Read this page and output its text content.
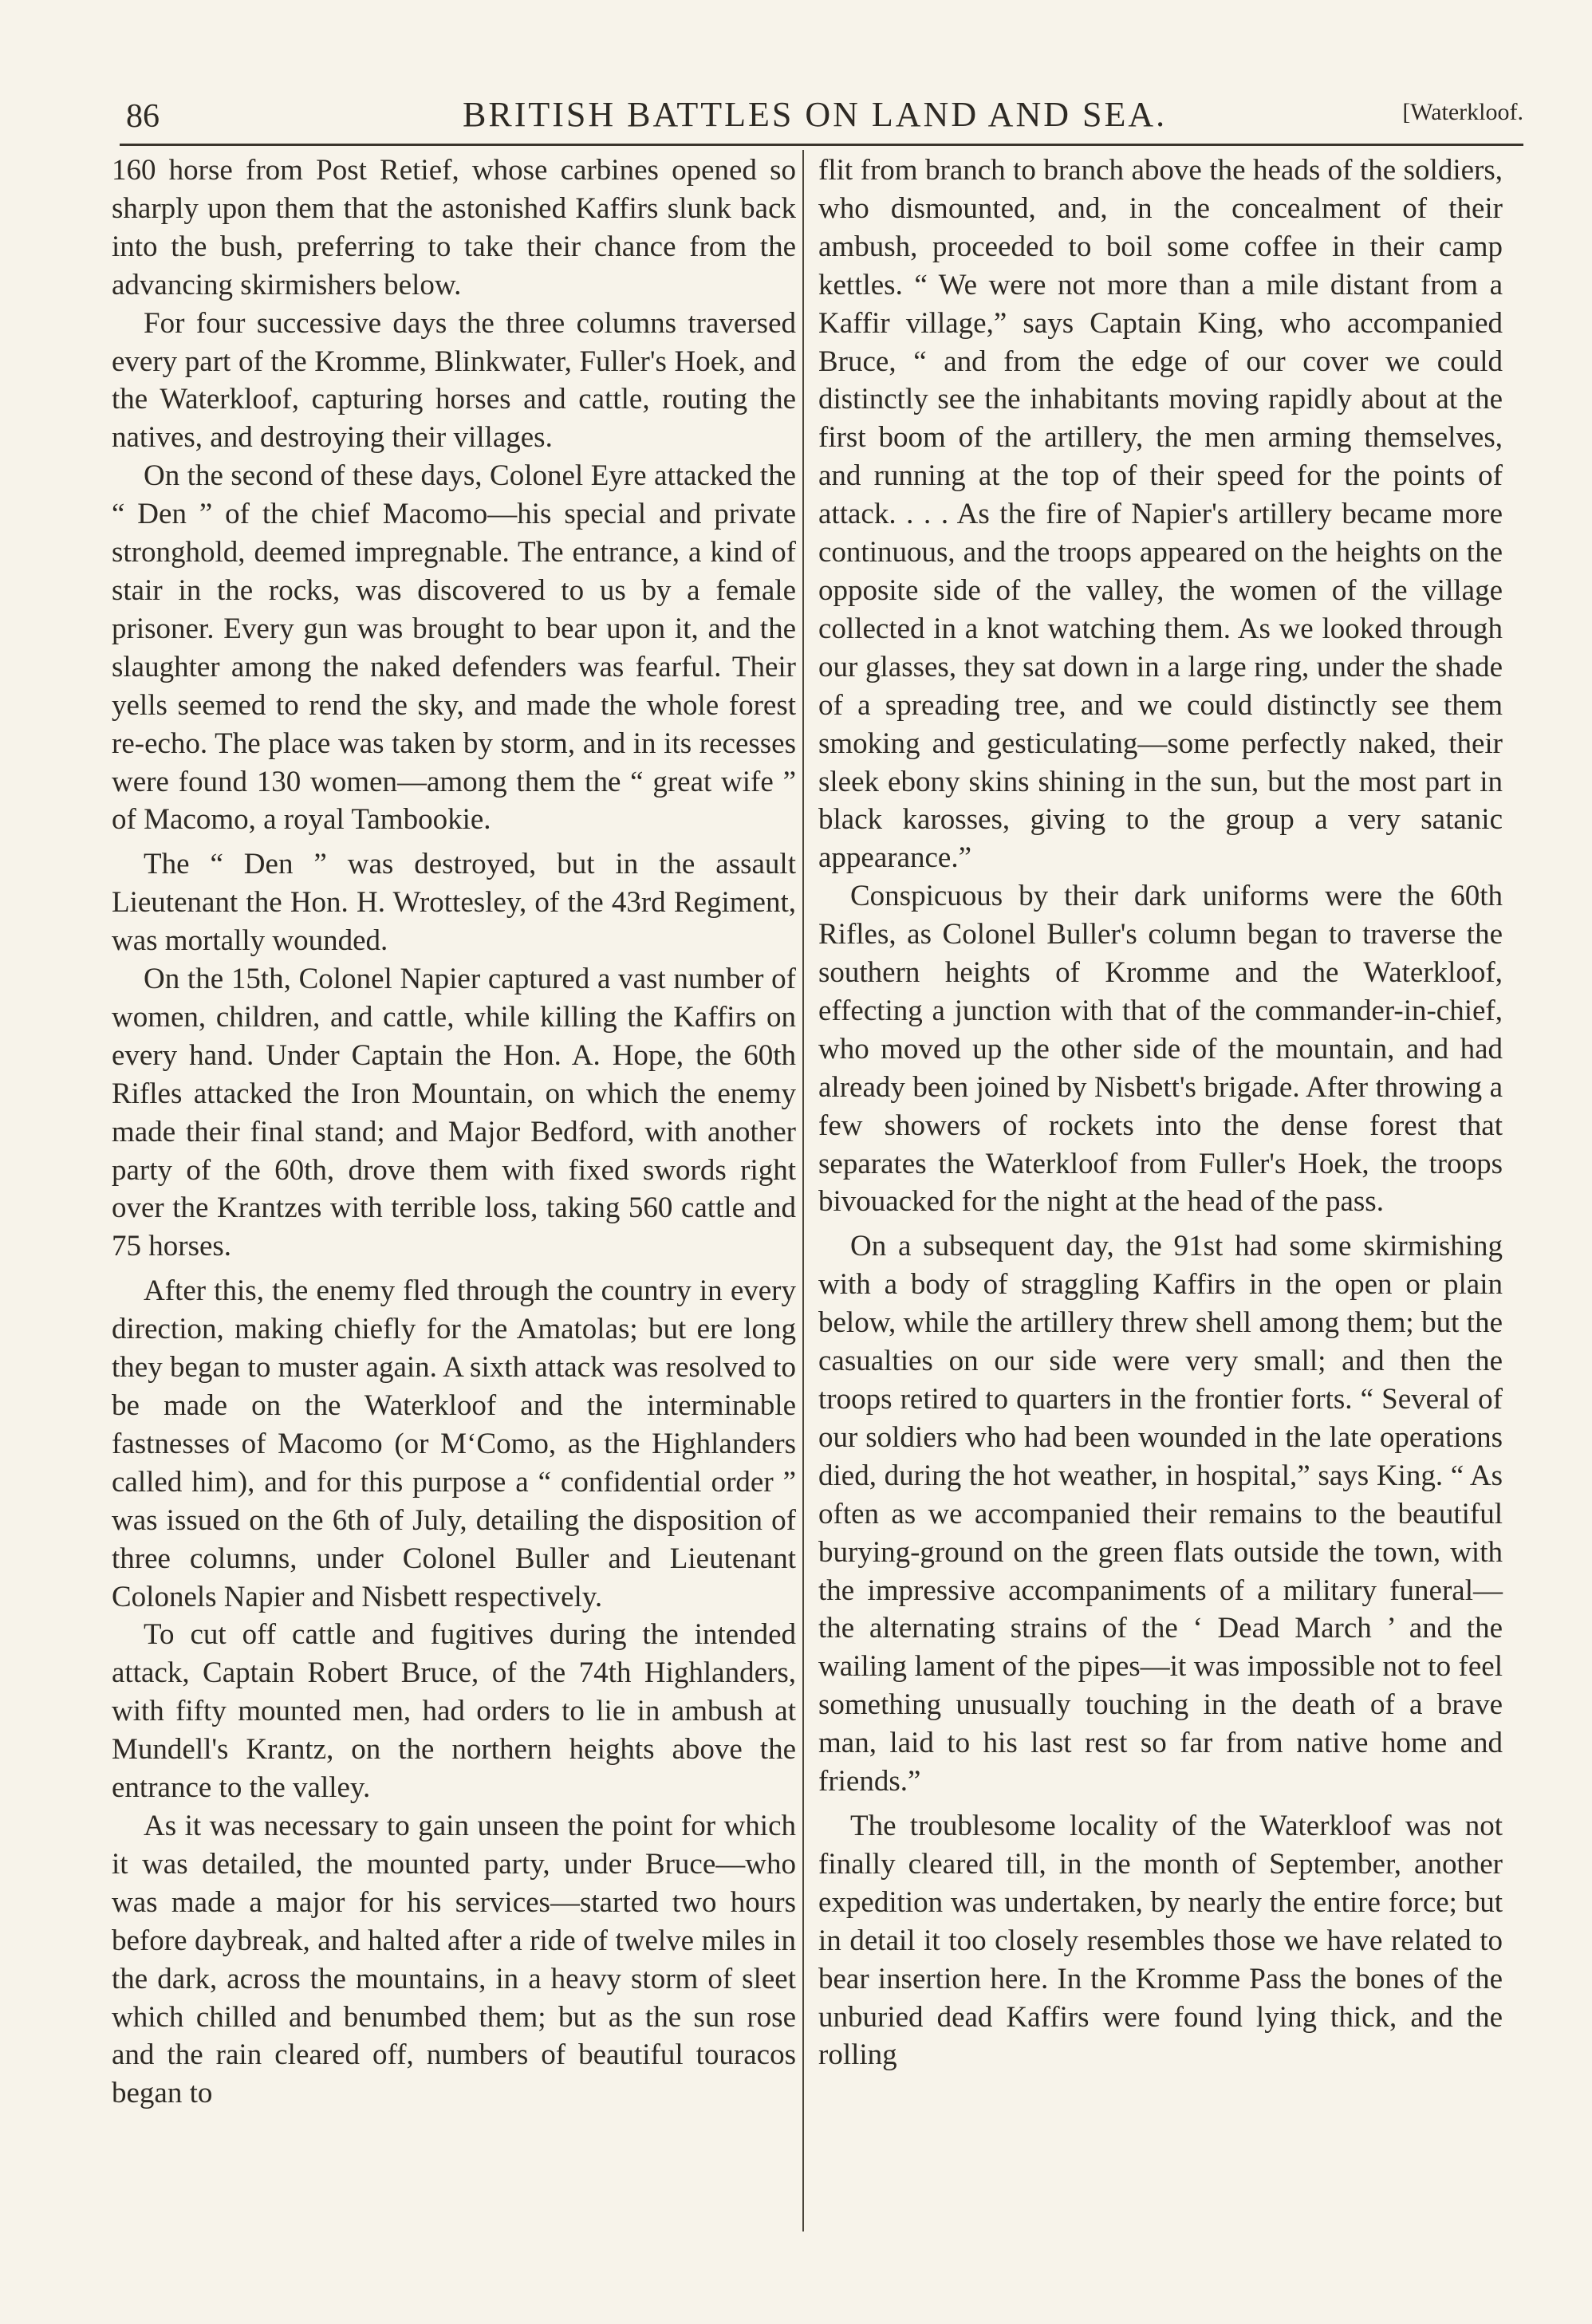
86	BRITISH BATTLES ON LAND AND SEA.	[Waterkloof.

160 horse from Post Retief, whose carbines opened so sharply upon them that the astonished Kaffirs slunk back into the bush, preferring to take their chance from the advancing skirmishers below.

For four successive days the three columns traversed every part of the Kromme, Blinkwater, Fuller's Hoek, and the Waterkloof, capturing horses and cattle, routing the natives, and destroying their villages.

On the second of these days, Colonel Eyre attacked the “ Den ” of the chief Macomo—his special and private stronghold, deemed impregnable. The entrance, a kind of stair in the rocks, was discovered to us by a female prisoner. Every gun was brought to bear upon it, and the slaughter among the naked defenders was fearful. Their yells seemed to rend the sky, and made the whole forest re-echo. The place was taken by storm, and in its recesses were found 130 women—among them the “ great wife ” of Macomo, a royal Tambookie.

The “ Den ” was destroyed, but in the assault Lieutenant the Hon. H. Wrottesley, of the 43rd Regiment, was mortally wounded.

On the 15th, Colonel Napier captured a vast number of women, children, and cattle, while killing the Kaffirs on every hand. Under Captain the Hon. A. Hope, the 60th Rifles attacked the Iron Mountain, on which the enemy made their final stand; and Major Bedford, with another party of the 60th, drove them with fixed swords right over the Krantzes with terrible loss, taking 560 cattle and 75 horses.

After this, the enemy fled through the country in every direction, making chiefly for the Amatolas; but ere long they began to muster again. A sixth attack was resolved to be made on the Waterkloof and the interminable fastnesses of Macomo (or M‘Como, as the Highlanders called him), and for this purpose a “ confidential order ” was issued on the 6th of July, detailing the disposition of three columns, under Colonel Buller and Lieutenant Colonels Napier and Nisbett respectively.

To cut off cattle and fugitives during the intended attack, Captain Robert Bruce, of the 74th Highlanders, with fifty mounted men, had orders to lie in ambush at Mundell's Krantz, on the northern heights above the entrance to the valley.

As it was necessary to gain unseen the point for which it was detailed, the mounted party, under Bruce—who was made a major for his services—started two hours before daybreak, and halted after a ride of twelve miles in the dark, across the mountains, in a heavy storm of sleet which chilled and benumbed them; but as the sun rose and the rain cleared off, numbers of beautiful touracos began to

flit from branch to branch above the heads of the soldiers, who dismounted, and, in the concealment of their ambush, proceeded to boil some coffee in their camp kettles. “ We were not more than a mile distant from a Kaffir village,” says Captain King, who accompanied Bruce, “ and from the edge of our cover we could distinctly see the inhabitants moving rapidly about at the first boom of the artillery, the men arming themselves, and running at the top of their speed for the points of attack. . . . As the fire of Napier's artillery became more continuous, and the troops appeared on the heights on the opposite side of the valley, the women of the village collected in a knot watching them. As we looked through our glasses, they sat down in a large ring, under the shade of a spreading tree, and we could distinctly see them smoking and gesticulating—some perfectly naked, their sleek ebony skins shining in the sun, but the most part in black karosses, giving to the group a very satanic appearance.”

Conspicuous by their dark uniforms were the 60th Rifles, as Colonel Buller's column began to traverse the southern heights of Kromme and the Waterkloof, effecting a junction with that of the commander-in-chief, who moved up the other side of the mountain, and had already been joined by Nisbett's brigade. After throwing a few showers of rockets into the dense forest that separates the Waterkloof from Fuller's Hoek, the troops bivouacked for the night at the head of the pass.

On a subsequent day, the 91st had some skirmishing with a body of straggling Kaffirs in the open or plain below, while the artillery threw shell among them; but the casualties on our side were very small; and then the troops retired to quarters in the frontier forts. “ Several of our soldiers who had been wounded in the late operations died, during the hot weather, in hospital,” says King. “ As often as we accompanied their remains to the beautiful burying-ground on the green flats outside the town, with the impressive accompaniments of a military funeral—the alternating strains of the ‘ Dead March ’ and the wailing lament of the pipes—it was impossible not to feel something unusually touching in the death of a brave man, laid to his last rest so far from native home and friends.”

The troublesome locality of the Waterkloof was not finally cleared till, in the month of September, another expedition was undertaken, by nearly the entire force; but in detail it too closely resembles those we have related to bear insertion here. In the Kromme Pass the bones of the unburied dead Kaffirs were found lying thick, and the rolling
